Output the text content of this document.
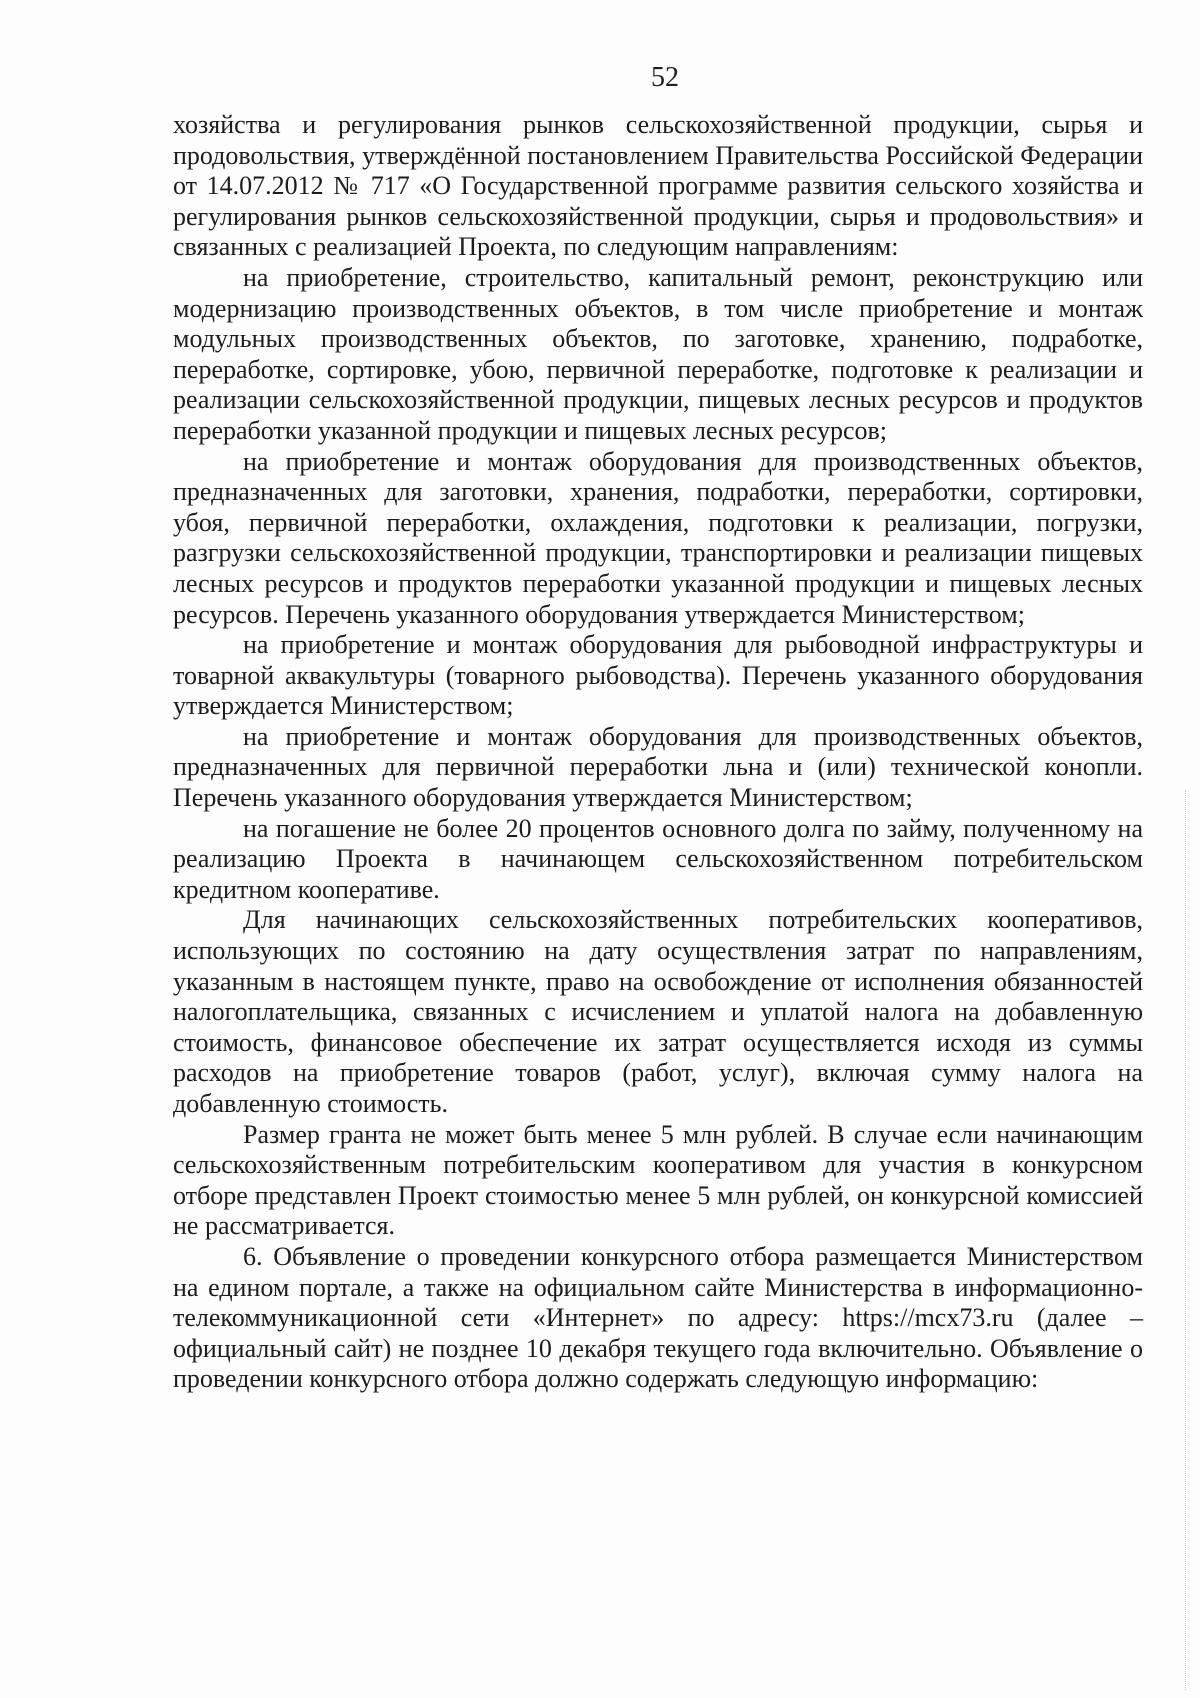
52

хозяйства и регулирования рынков сельскохозяйственной продукции, сырья и продовольствия, утверждённой постановлением Правительства Российской Федерации от 14.07.2012 № 717 «О Государственной программе развития сельского хозяйства и регулирования рынков сельскохозяйственной продукции, сырья и продовольствия» и связанных с реализацией Проекта, по следующим направлениям:

на приобретение, строительство, капитальный ремонт, реконструкцию или модернизацию производственных объектов, в том числе приобретение и монтаж модульных производственных объектов, по заготовке, хранению, подработке, переработке, сортировке, убою, первичной переработке, подготовке к реализации и реализации сельскохозяйственной продукции, пищевых лесных ресурсов и продуктов переработки указанной продукции и пищевых лесных ресурсов;

на приобретение и монтаж оборудования для производственных объектов, предназначенных для заготовки, хранения, подработки, переработки, сортировки, убоя, первичной переработки, охлаждения, подготовки к реализации, погрузки, разгрузки сельскохозяйственной продукции, транспортировки и реализации пищевых лесных ресурсов и продуктов переработки указанной продукции и пищевых лесных ресурсов. Перечень указанного оборудования утверждается Министерством;

на приобретение и монтаж оборудования для рыбоводной инфраструктуры и товарной аквакультуры (товарного рыбоводства). Перечень указанного оборудования утверждается Министерством;

на приобретение и монтаж оборудования для производственных объектов, предназначенных для первичной переработки льна и (или) технической конопли. Перечень указанного оборудования утверждается Министерством;

на погашение не более 20 процентов основного долга по займу, полученному на реализацию Проекта в начинающем сельскохозяйственном потребительском кредитном кооперативе.

Для начинающих сельскохозяйственных потребительских кооперативов, использующих по состоянию на дату осуществления затрат по направлениям, указанным в настоящем пункте, право на освобождение от исполнения обязанностей налогоплательщика, связанных с исчислением и уплатой налога на добавленную стоимость, финансовое обеспечение их затрат осуществляется исходя из суммы расходов на приобретение товаров (работ, услуг), включая сумму налога на добавленную стоимость.

Размер гранта не может быть менее 5 млн рублей. В случае если начинающим сельскохозяйственным потребительским кооперативом для участия в конкурсном отборе представлен Проект стоимостью менее 5 млн рублей, он конкурсной комиссией не рассматривается.

6. Объявление о проведении конкурсного отбора размещается Министерством на едином портале, а также на официальном сайте Министерства в информационно-телекоммуникационной сети «Интернет» по адресу: https://mcx73.ru (далее – официальный сайт) не позднее 10 декабря текущего года включительно. Объявление о проведении конкурсного отбора должно содержать следующую информацию:
